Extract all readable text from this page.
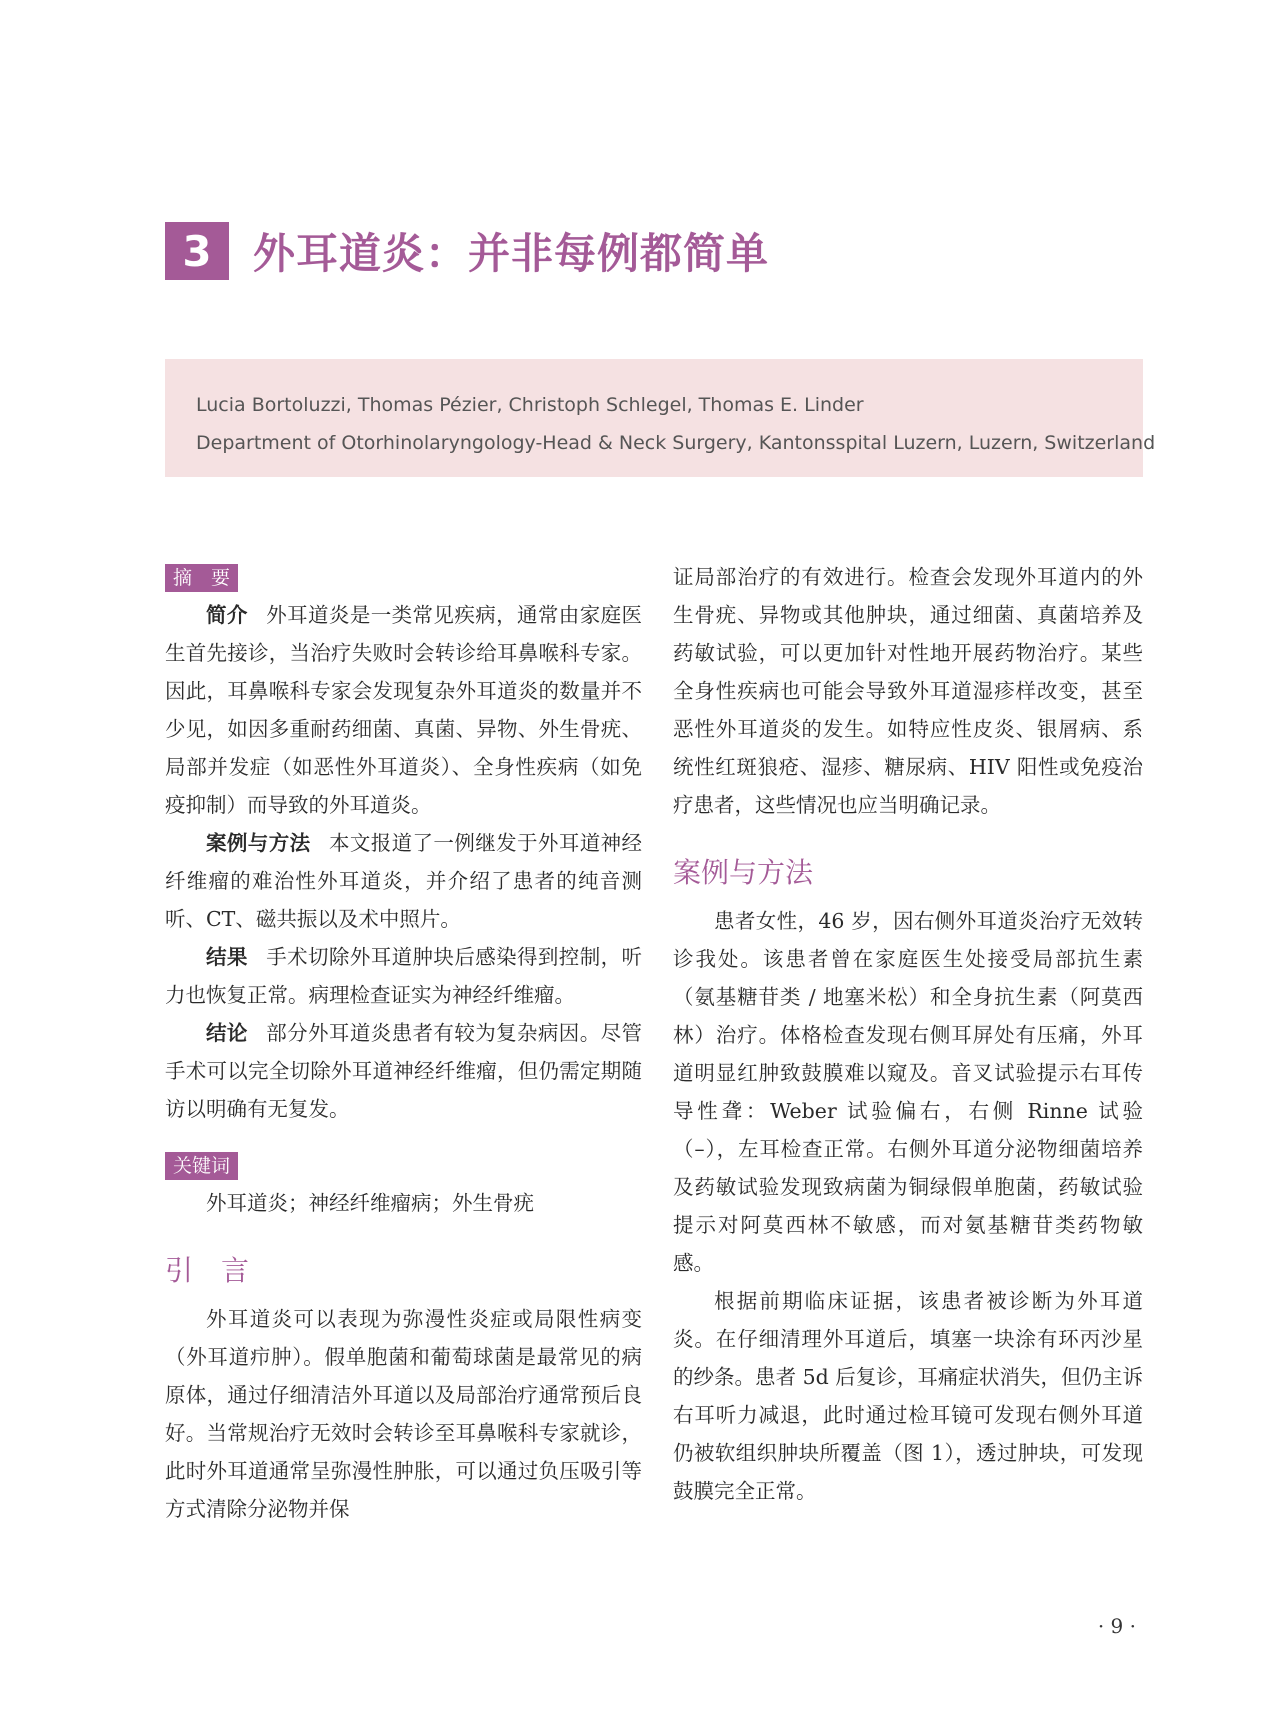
3 外耳道炎：并非每例都简单
Lucia Bortoluzzi, Thomas Pézier, Christoph Schlegel, Thomas E. Linder
Department of Otorhinolaryngology-Head & Neck Surgery, Kantonsspital Luzern, Luzern, Switzerland
摘　要

简介 外耳道炎是一类常见疾病，通常由家庭医生首先接诊，当治疗失败时会转诊给耳鼻喉科专家。因此，耳鼻喉科专家会发现复杂外耳道炎的数量并不少见，如因多重耐药细菌、真菌、异物、外生骨疣、局部并发症（如恶性外耳道炎）、全身性疾病（如免疫抑制）而导致的外耳道炎。

案例与方法 本文报道了一例继发于外耳道神经纤维瘤的难治性外耳道炎，并介绍了患者的纯音测听、CT、磁共振以及术中照片。

结果 手术切除外耳道肿块后感染得到控制，听力也恢复正常。病理检查证实为神经纤维瘤。

结论 部分外耳道炎患者有较为复杂病因。尽管手术可以完全切除外耳道神经纤维瘤，但仍需定期随访以明确有无复发。

关键词

外耳道炎；神经纤维瘤病；外生骨疣

引　言

外耳道炎可以表现为弥漫性炎症或局限性病变（外耳道疖肿）。假单胞菌和葡萄球菌是最常见的病原体，通过仔细清洁外耳道以及局部治疗通常预后良好。当常规治疗无效时会转诊至耳鼻喉科专家就诊，此时外耳道通常呈弥漫性肿胀，可以通过负压吸引等方式清除分泌物并保

证局部治疗的有效进行。检查会发现外耳道内的外生骨疣、异物或其他肿块，通过细菌、真菌培养及药敏试验，可以更加针对性地开展药物治疗。某些全身性疾病也可能会导致外耳道湿疹样改变，甚至恶性外耳道炎的发生。如特应性皮炎、银屑病、系统性红斑狼疮、湿疹、糖尿病、HIV 阳性或免疫治疗患者，这些情况也应当明确记录。

案例与方法

患者女性，46 岁，因右侧外耳道炎治疗无效转诊我处。该患者曾在家庭医生处接受局部抗生素（氨基糖苷类 / 地塞米松）和全身抗生素（阿莫西林）治疗。体格检查发现右侧耳屏处有压痛，外耳道明显红肿致鼓膜难以窥及。音叉试验提示右耳传导性聋：Weber 试验偏右，右侧 Rinne 试验（–），左耳检查正常。右侧外耳道分泌物细菌培养及药敏试验发现致病菌为铜绿假单胞菌，药敏试验提示对阿莫西林不敏感，而对氨基糖苷类药物敏感。

根据前期临床证据，该患者被诊断为外耳道炎。在仔细清理外耳道后，填塞一块涂有环丙沙星的纱条。患者 5d 后复诊，耳痛症状消失，但仍主诉右耳听力减退，此时通过检耳镜可发现右侧外耳道仍被软组织肿块所覆盖（图 1），透过肿块，可发现鼓膜完全正常。

· 9 ·
